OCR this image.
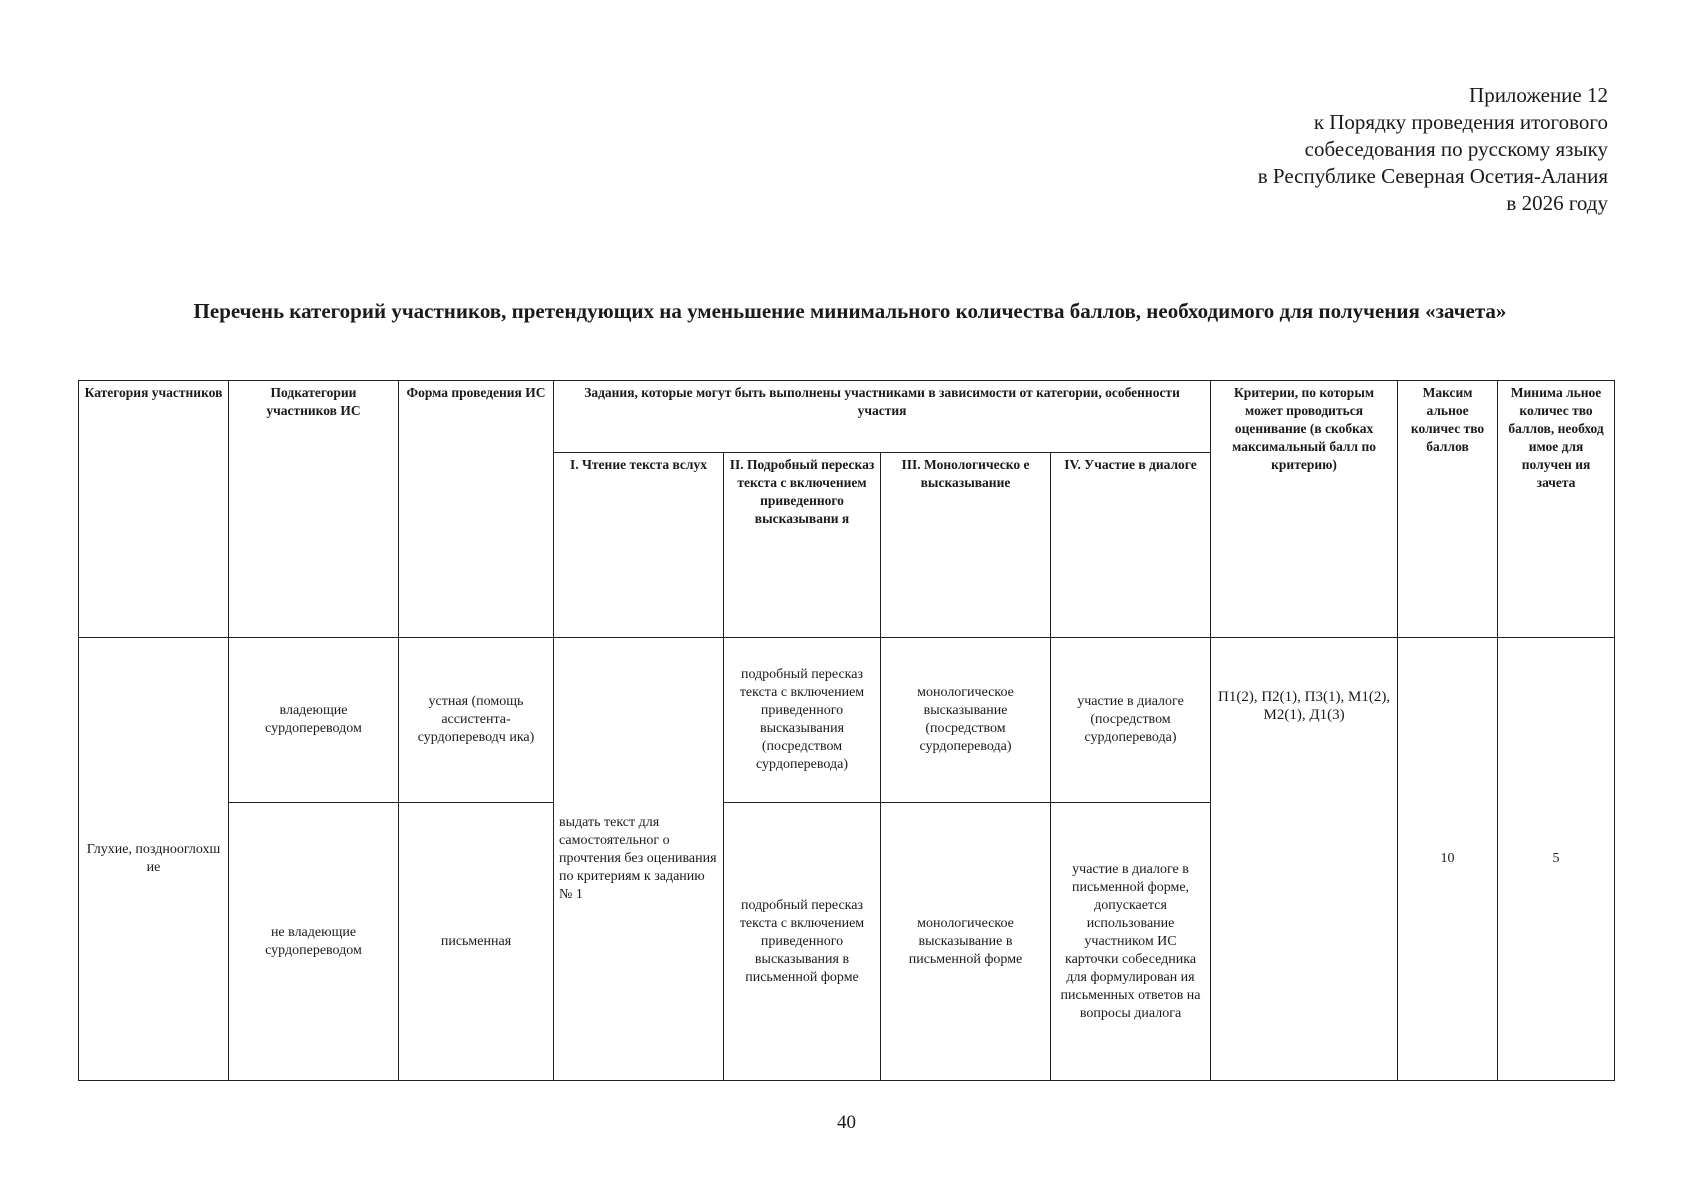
Приложение 12
к Порядку проведения итогового
собеседования по русскому языку
в Республике Северная Осетия-Алания
в 2026 году
Перечень категорий участников, претендующих на уменьшение минимального количества баллов, необходимого для получения «зачета»
Категория участников	Подкатегории участников ИС	Форма проведения ИС	Задания, которые могут быть выполнены участниками в зависимости от категории, особенности участия				Критерии, по которым может проводиться оценивание (в скобках максимальный балл по критерию)	Максим альное количес тво баллов	Минима льное количес тво баллов, необход имое для получен ия зачета
			I. Чтение текста вслух	II. Подробный пересказ текста с включением приведенного высказывани я	III. Монологическо е высказывание	IV. Участие в диалоге			
Глухие, позднооглохш ие	владеющие сурдопереводом	устная (помощь ассистента-сурдопереводч ика)	выдать текст для самостоятельног о прочтения без оценивания по критериям к заданию № 1	подробный пересказ текста с включением приведенного высказывания (посредством сурдоперевода)	монологическое высказывание (посредством сурдоперевода)	участие в диалоге (посредством сурдоперевода)	П1(2), П2(1), П3(1), М1(2), М2(1), Д1(3)	10	5
	не владеющие сурдопереводом	письменная		подробный пересказ текста с включением приведенного высказывания в письменной форме	монологическое высказывание в письменной форме	участие в диалоге в письменной форме, допускается использование участником ИС карточки собеседника для формулирован ия письменных ответов на вопросы диалога			
40
